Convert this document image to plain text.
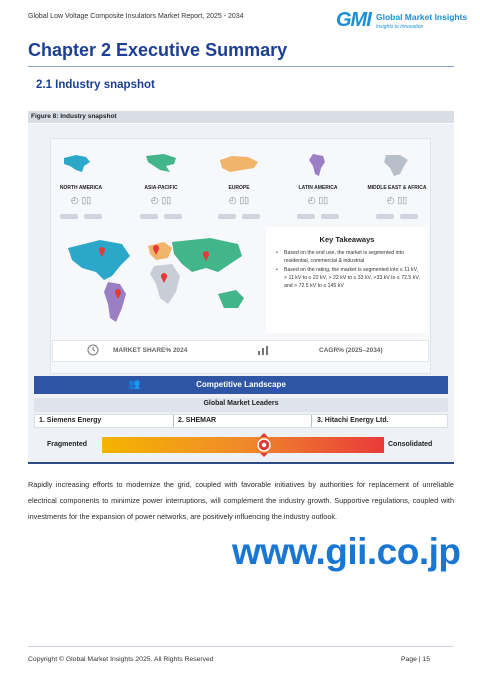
Global Low Voltage Composite Insulators Market Report, 2025 - 2034	GMI Global Market Insights
Insights to Innovation
Chapter 2 Executive Summary
2.1 Industry snapshot
Figure 8: Industry snapshot
NORTH AMERICA
◴ ▯▯
ASIA-PACIFIC
◴ ▯▯
EUROPE
◴ ▯▯
LATIN AMERICA
◴ ▯▯
MIDDLE EAST & AFRICA
◴ ▯▯
Key Takeaways
• Based on the end use, the market is segmented into residential, commercial & industrial
• Based on the rating, the market is segmented into ≤ 11 kV, > 11 kV to ≤ 22 kV, > 22 kV to ≤ 33 kV, >33 kV to ≤ 72.5 kV, and > 72.5 kV to ≤ 145 kV
MARKET SHARE% 2024	CAGR% (2025–2034)
👥	Competitive Landscape
Global Market Leaders
1. Siemens Energy	2. SHEMAR	3. Hitachi Energy Ltd.
Fragmented	Consolidated

Rapidly increasing efforts to modernize the grid, coupled with favorable initiatives by authorities for replacement of unreliable electrical components to minimize power interruptions, will complement the industry growth. Supportive regulations, coupled with investments for the expansion of power networks, are positively influencing the industry outlook.

www.gii.co.jp
Copyright © Global Market Insights 2025. All Rights Reserved	Page | 15
